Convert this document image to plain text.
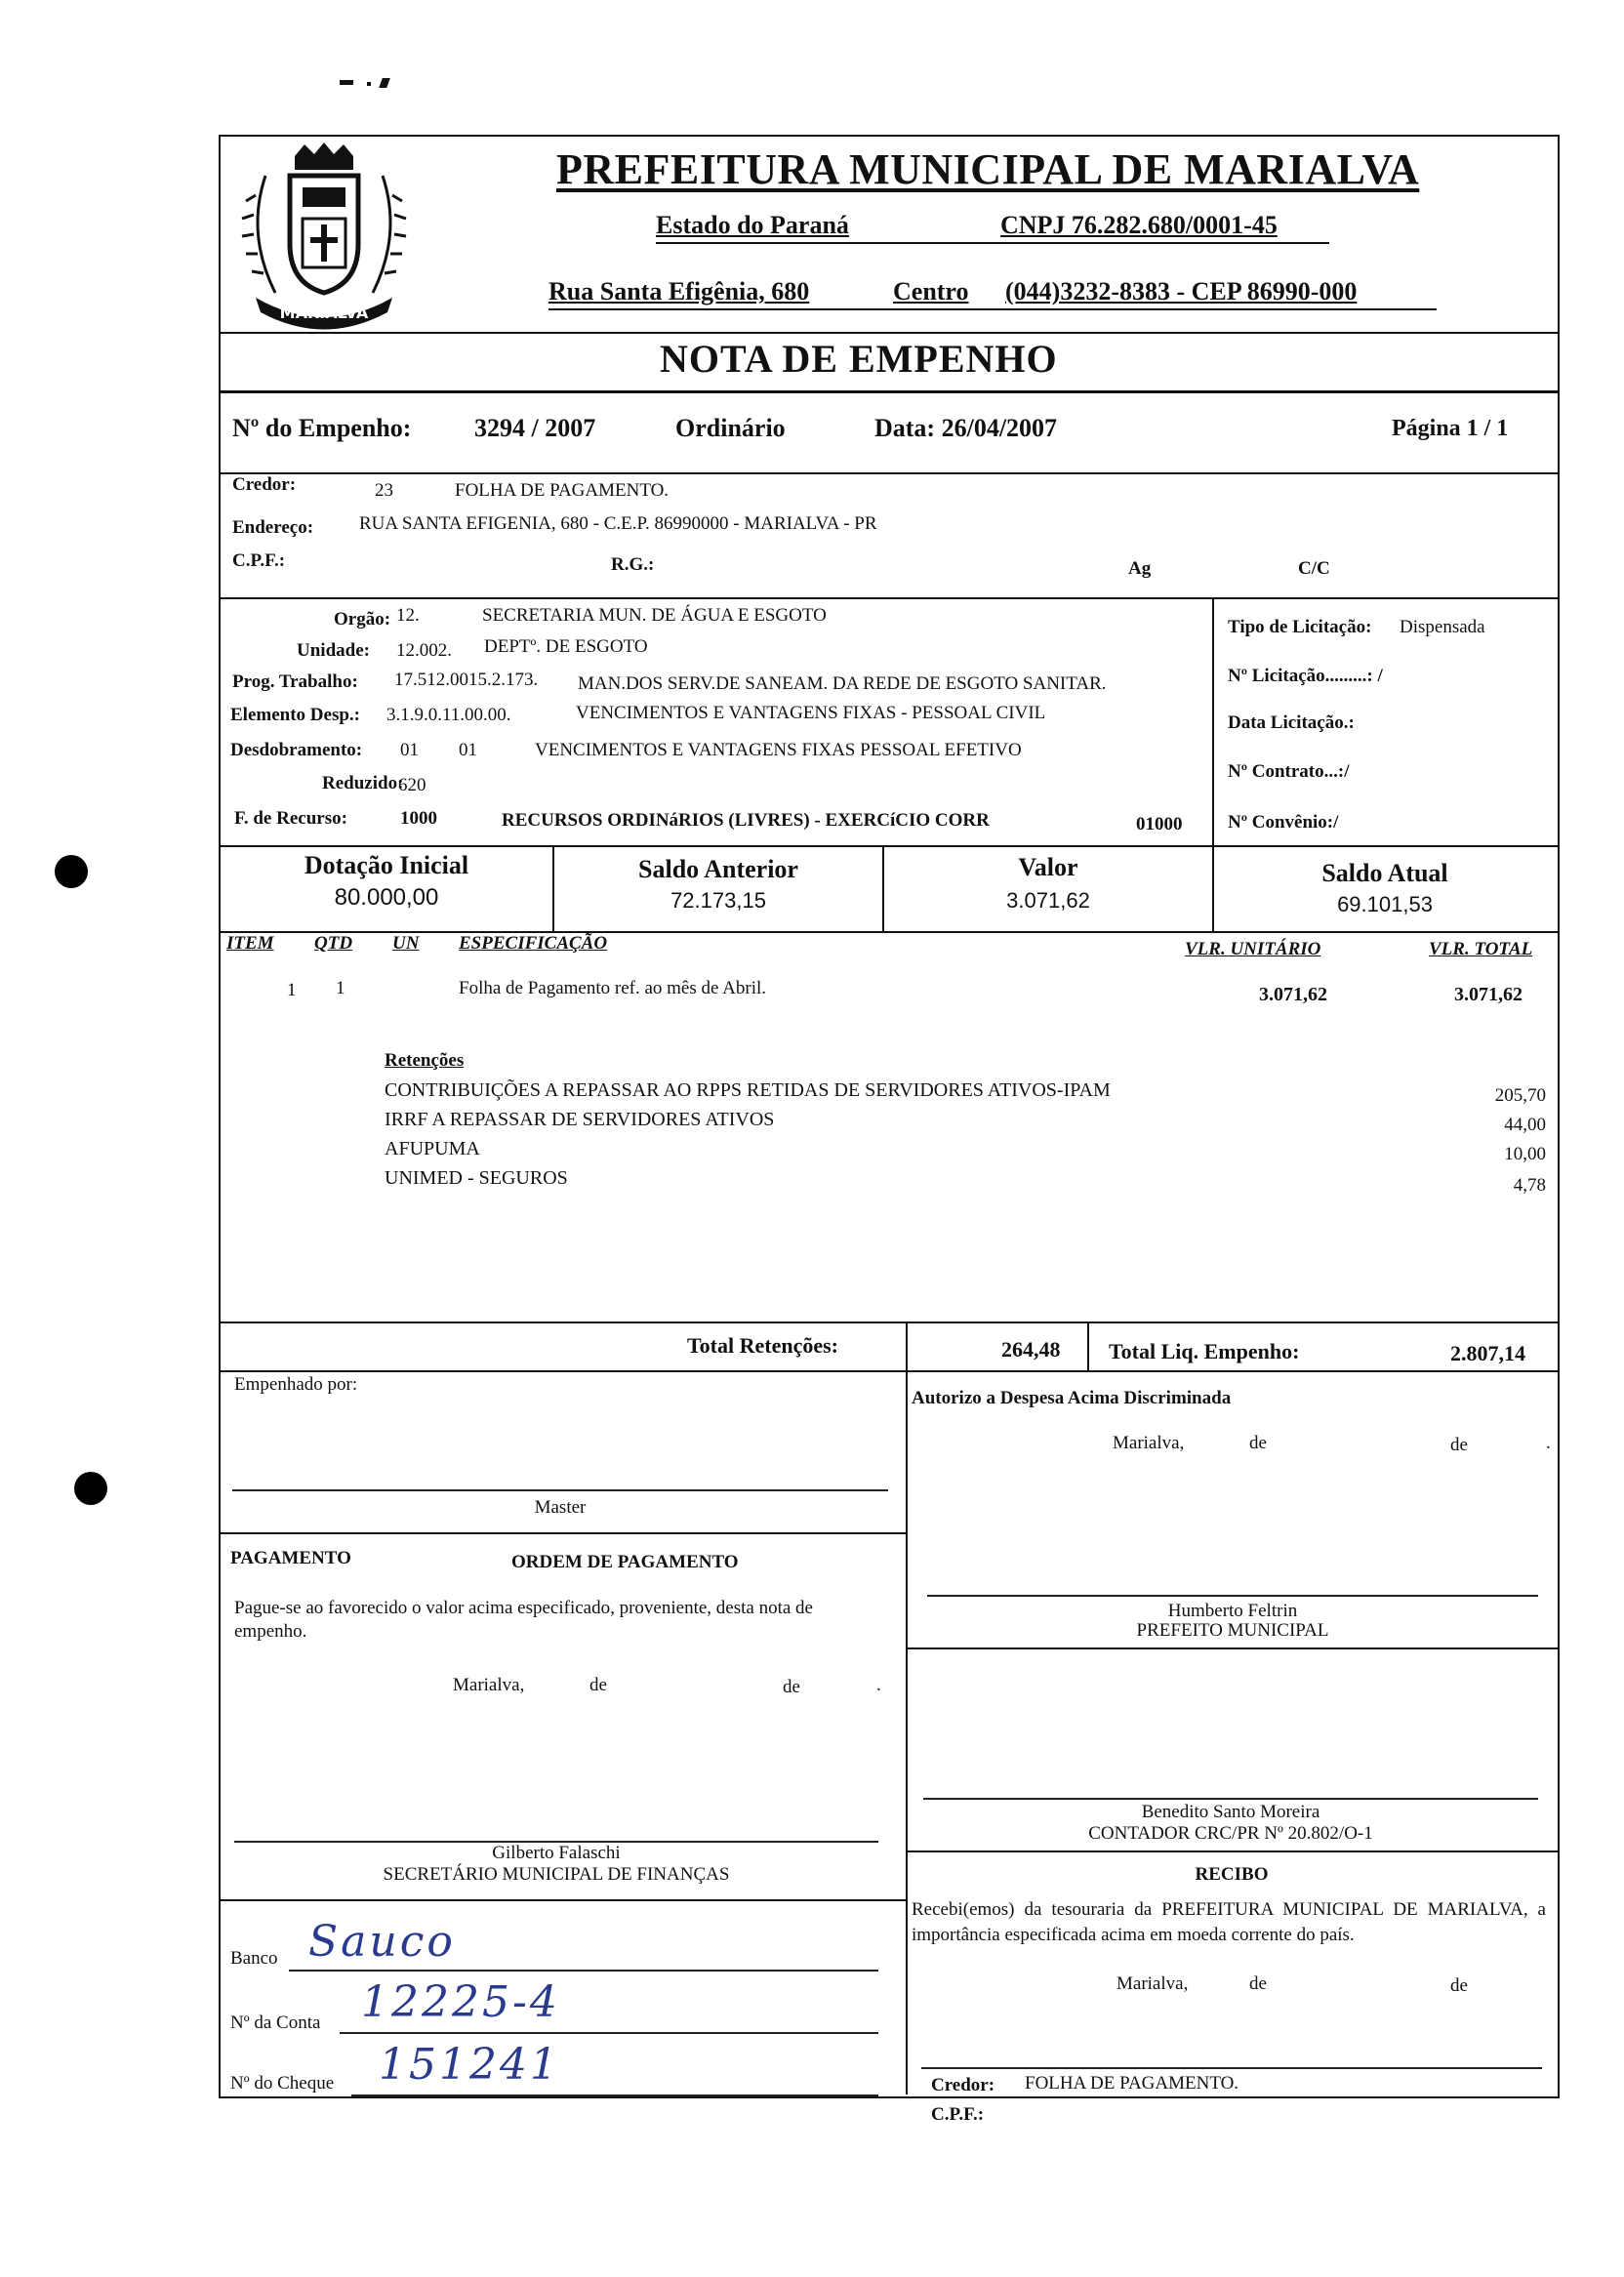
MARIALVA
PREFEITURA MUNICIPAL DE MARIALVA
Estado do Paraná	CNPJ 76.282.680/0001-45
Rua Santa Efigênia, 680	Centro (044)3232-8383 - CEP 86990-000
NOTA DE EMPENHO
Nº do Empenho: 3294 / 2007	Ordinário	Data: 26/04/2007	Página 1 / 1
Credor:	23	FOLHA DE PAGAMENTO.
Endereço: RUA SANTA EFIGENIA, 680 - C.E.P. 86990000 - MARIALVA - PR
C.P.F.:	R.G.:	Ag	C/C
Orgão: 12.	SECRETARIA MUN. DE ÁGUA E ESGOTO
Unidade: 12.002. DEPTº. DE ESGOTO
Prog. Trabalho: 17.512.0015.2.173. MAN.DOS SERV.DE SANEAM. DA REDE DE ESGOTO SANITAR.
Elemento Desp.: 3.1.9.0.11.00.00.	VENCIMENTOS E VANTAGENS FIXAS - PESSOAL CIVIL
Desdobramento: 01 01	VENCIMENTOS E VANTAGENS FIXAS PESSOAL EFETIVO
Reduzido:
620
F. de Recurso:	1000	RECURSOS ORDINáRIOS (LIVRES) - EXERCíCIO CORR	01000
Tipo de Licitação: Dispensada
Nº Licitação.........: /
Data Licitação.:
Nº Contrato...:/
Nº Convênio:/
Dotação Inicial
80.000,00
Saldo Anterior
72.173,15
Valor
3.071,62
Saldo Atual
69.101,53
ITEM QTD UN ESPECIFICAÇÃO	VLR. UNITÁRIO	VLR. TOTAL
1 1	Folha de Pagamento ref. ao mês de Abril.	3.071,62	3.071,62
Retenções
CONTRIBUIÇÕES A REPASSAR AO RPPS RETIDAS DE SERVIDORES ATIVOS-IPAM	205,70
IRRF A REPASSAR DE SERVIDORES ATIVOS	44,00
AFUPUMA	10,00
UNIMED - SEGUROS	4,78
Total Retenções:	264,48 Total Liq. Empenho:	2.807,14
Empenhado por:
Master
Autorizo a Despesa Acima Discriminada
Marialva,	de	de	.
PAGAMENTO	ORDEM DE PAGAMENTO
Pague-se ao favorecido o valor acima especificado, proveniente, desta nota de empenho.
Marialva,	de	de	.
Humberto Feltrin
PREFEITO MUNICIPAL
Benedito Santo Moreira
CONTADOR CRC/PR Nº 20.802/O-1
Gilberto Falaschi
SECRETÁRIO MUNICIPAL DE FINANÇAS	RECIBO
Recebi(emos) da tesouraria da PREFEITURA MUNICIPAL DE MARIALVA, a importância especificada acima em moeda corrente do país.
Marialva,	de	de
Credor: FOLHA DE PAGAMENTO.
C.P.F.:
Banco Sauco
Nº da Conta 12225-4
Nº do Cheque 151241
